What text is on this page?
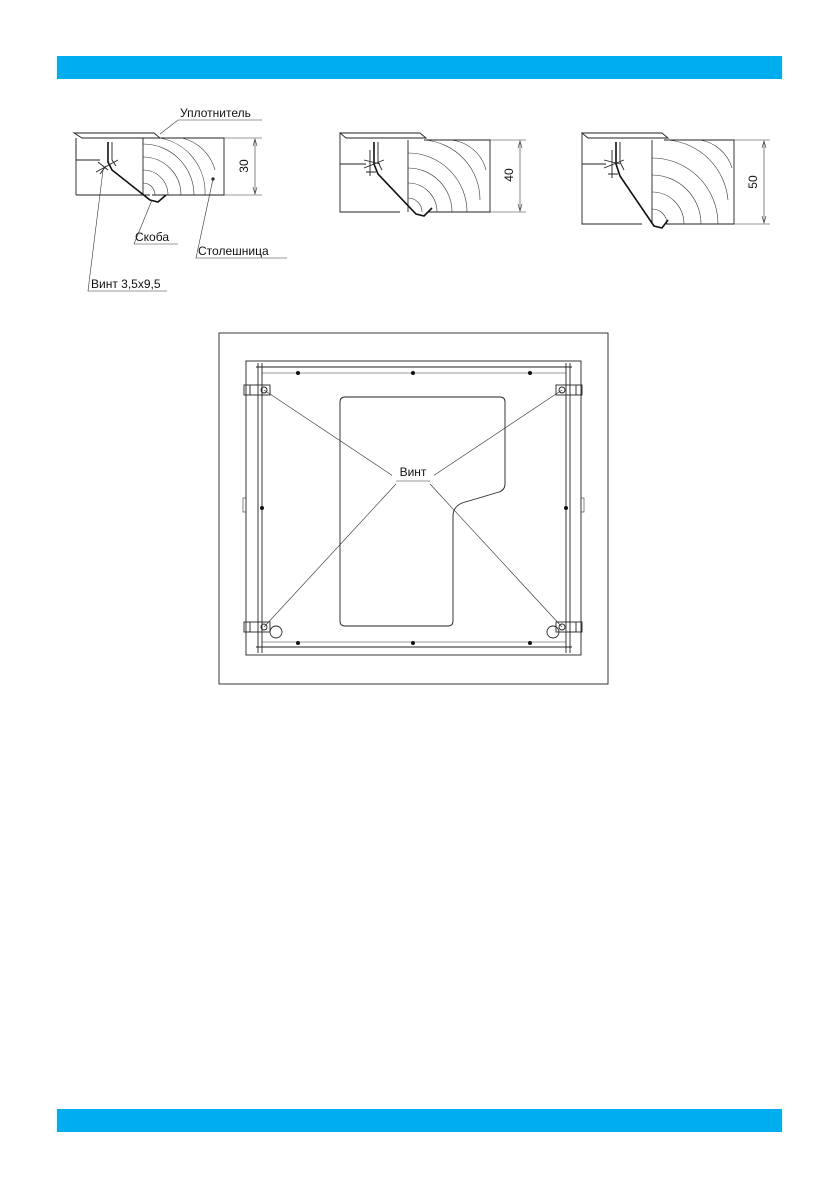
30
Уплотнитель
Скоба
Столешница
Винт 3,5x9,5
40
50
Винт
